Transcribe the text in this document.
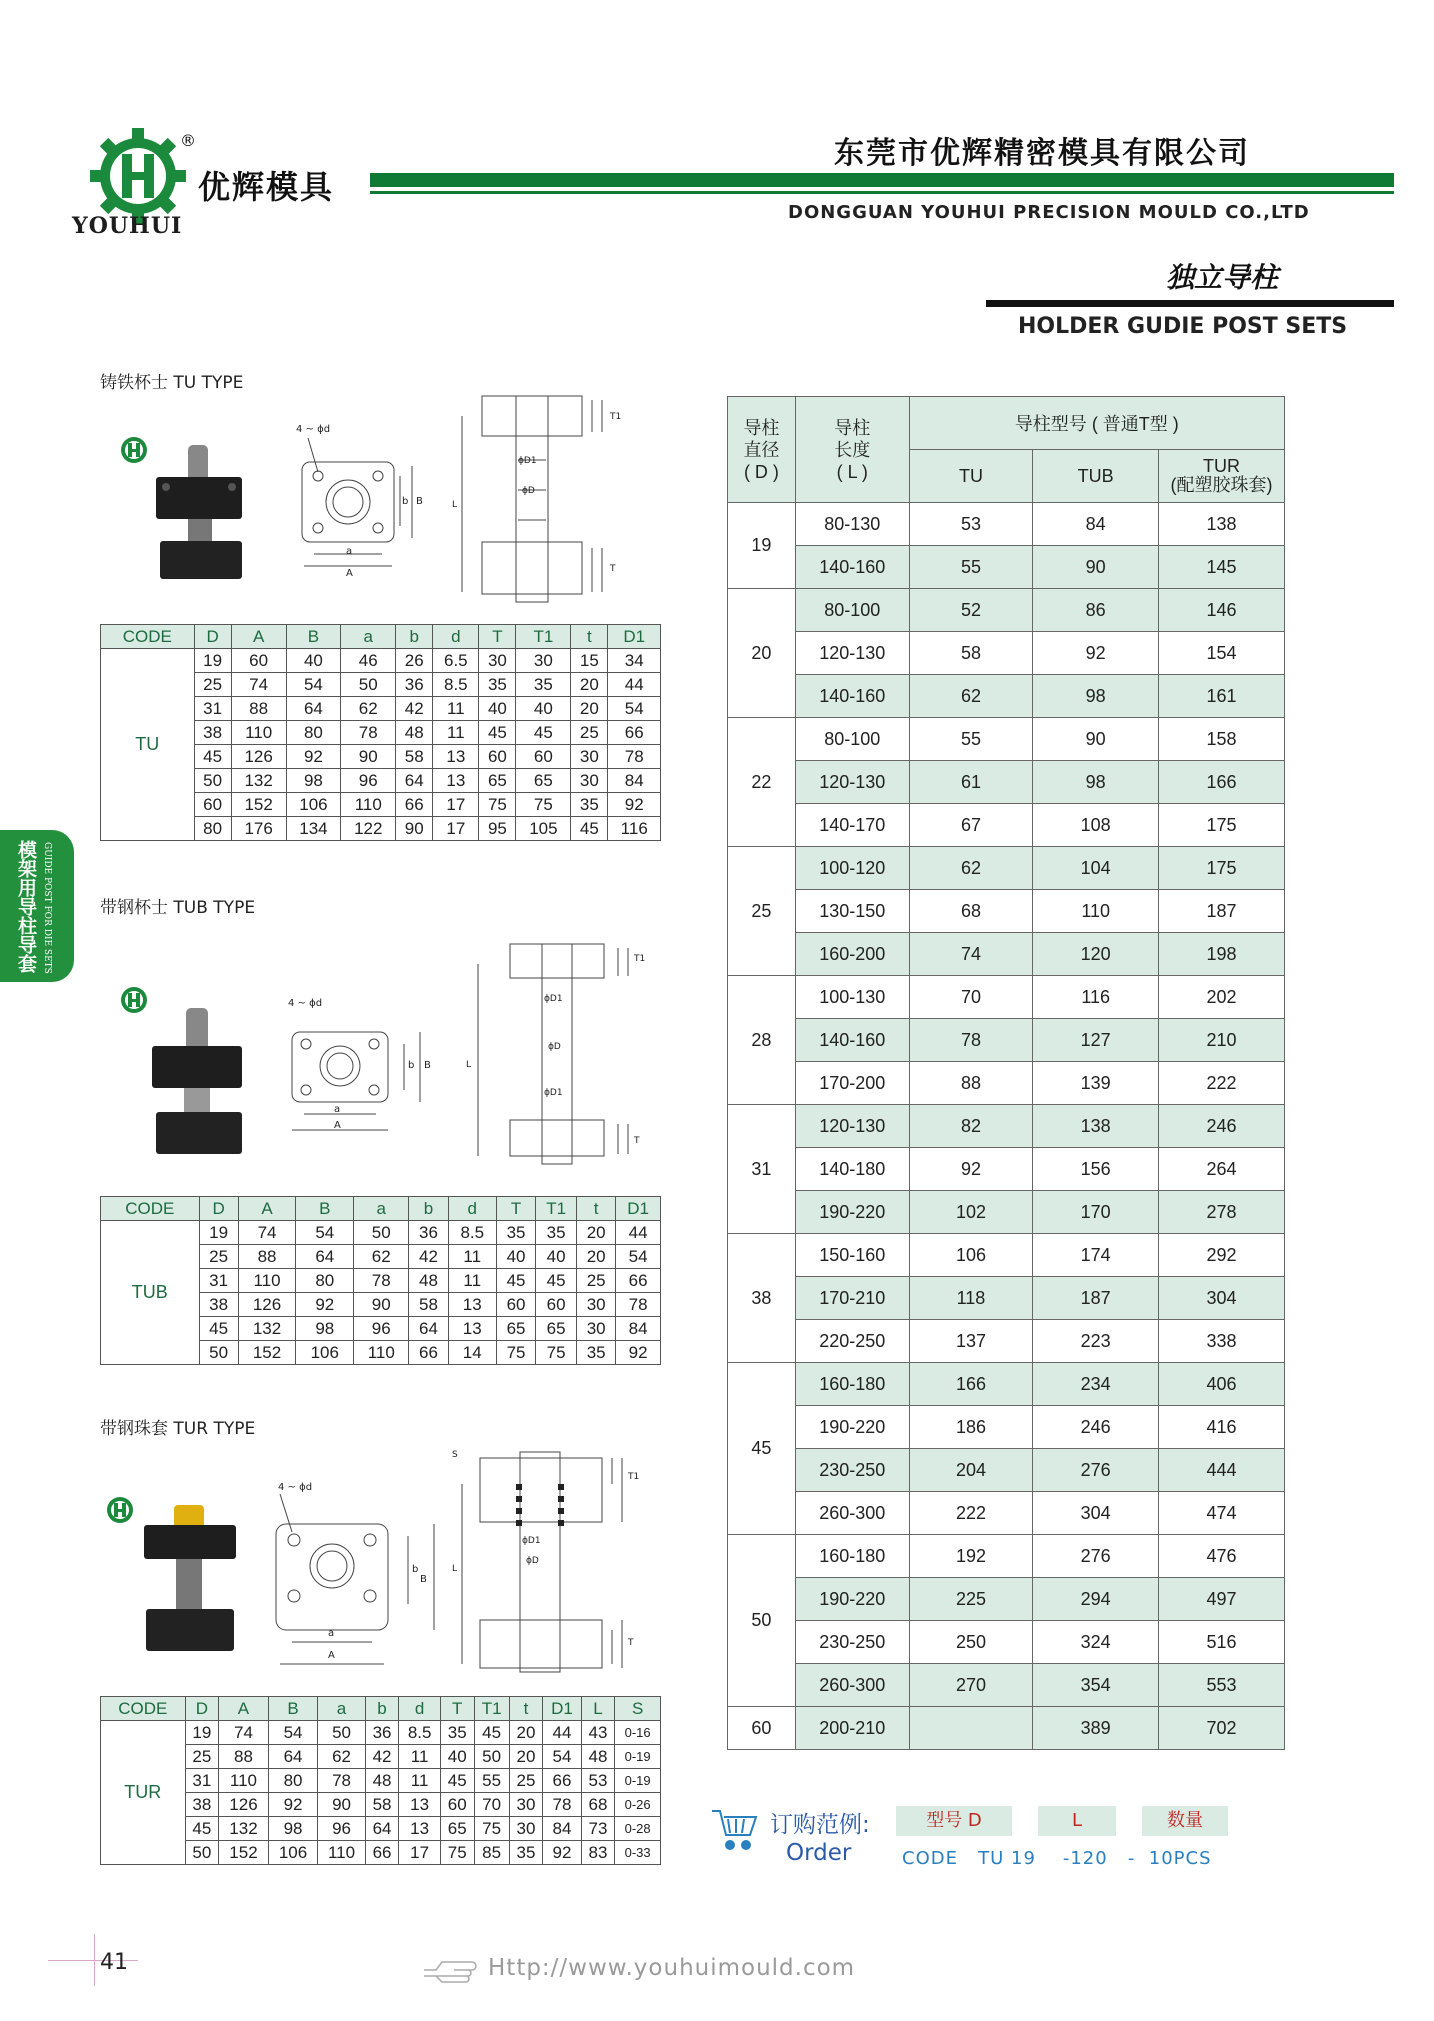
®
YOUHUI
优辉模具
东莞市优辉精密模具有限公司
DONGGUAN YOUHUI PRECISION MOULD CO.,LTD
独立导柱
HOLDER GUDIE POST SETS
模架用导柱导套 GUIDE POST FOR DIE SETS
铸铁杯士 TU TYPE
4 ~ ϕd
a
A
b B
ϕD1
ϕD
L
T1
T
CODE	D	A	B	a	b	d	T	T1	t	D1
TU	19	60	40	46	26	6.5	30	30	15	34
	25	74	54	50	36	8.5	35	35	20	44
	31	88	64	62	42	11	40	40	20	54
	38	110	80	78	48	11	45	45	25	66
	45	126	92	90	58	13	60	60	30	78
	50	132	98	96	64	13	65	65	30	84
	60	152	106	110	66	17	75	75	35	92
	80	176	134	122	90	17	95	105	45	116
带钢杯士 TUB TYPE
4 ~ ϕd
a
A
b B
ϕD1
ϕD
ϕD1
L
T1
T
CODE	D	A	B	a	b	d	T	T1	t	D1
TUB	19	74	54	50	36	8.5	35	35	20	44
	25	88	64	62	42	11	40	40	20	54
	31	110	80	78	48	11	45	45	25	66
	38	126	92	90	58	13	60	60	30	78
	45	132	98	96	64	13	65	65	30	84
	50	152	106	110	66	14	75	75	35	92
带钢珠套 TUR TYPE
4 ~ ϕd
a
A
b
B
S
ϕD1
ϕD
L
T1
T
CODE	D	A	B	a	b	d	T	T1	t	D1	L	S
TUR	19	74	54	50	36	8.5	35	45	20	44	43	0-16
	25	88	64	62	42	11	40	50	20	54	48	0-19
	31	110	80	78	48	11	45	55	25	66	53	0-19
	38	126	92	90	58	13	60	70	30	78	68	0-26
	45	132	98	96	64	13	65	75	30	84	73	0-28
	50	152	106	110	66	17	75	85	35	92	83	0-33
导柱
直径
( D )	导柱
长度
( L )	导柱型号 ( 普通T型 )		
		TU	TUB	TUR
(配塑胶珠套)
19	80-130	53	84	138
	140-160	55	90	145
20	80-100	52	86	146
	120-130	58	92	154
	140-160	62	98	161
22	80-100	55	90	158
	120-130	61	98	166
	140-170	67	108	175
25	100-120	62	104	175
	130-150	68	110	187
	160-200	74	120	198
28	100-130	70	116	202
	140-160	78	127	210
	170-200	88	139	222
31	120-130	82	138	246
	140-180	92	156	264
	190-220	102	170	278
38	150-160	106	174	292
	170-210	118	187	304
	220-250	137	223	338
45	160-180	166	234	406
	190-220	186	246	416
	230-250	204	276	444
	260-300	222	304	474
50	160-180	192	276	476
	190-220	225	294	497
	230-250	250	324	516
	260-300	270	354	553
60	200-210		389	702
订购范例:
Order
型号 D	L	数量
CODE   TU 19    -120   -  10PCS
41	Http://www.youhuimould.com
